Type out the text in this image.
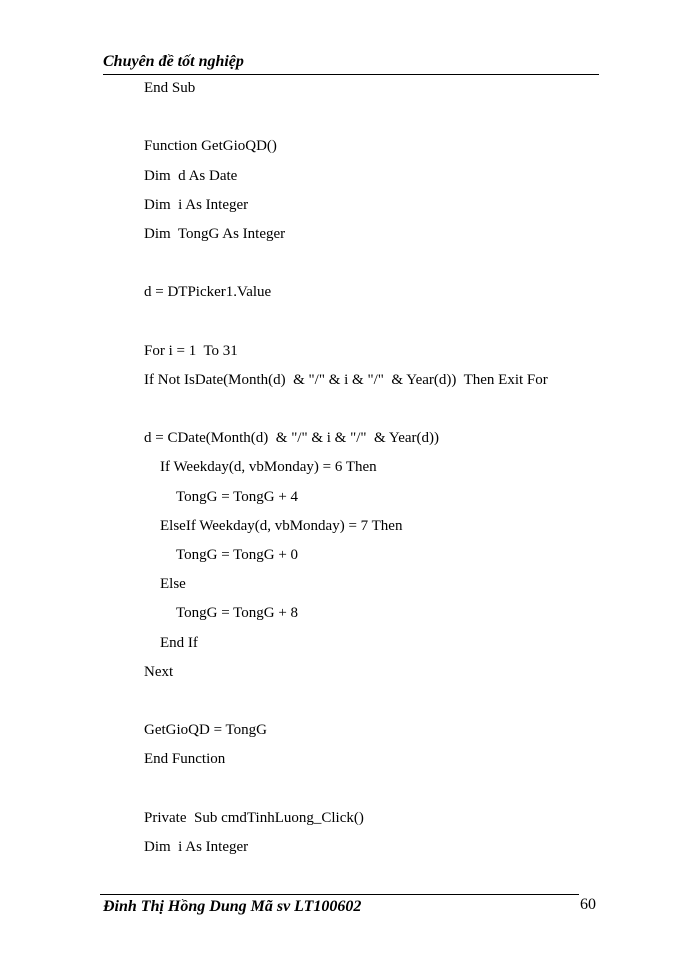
Chuyên đề tốt nghiệp
End Sub
Function GetGioQD()
Dim  d As Date
Dim  i As Integer
Dim  TongG As Integer
d = DTPicker1.Value
For i = 1  To 31
If Not IsDate(Month(d)  & "/" & i & "/"  & Year(d))  Then Exit For
d = CDate(Month(d)  & "/" & i & "/"  & Year(d))
If Weekday(d, vbMonday) = 6 Then
TongG = TongG + 4
ElseIf Weekday(d, vbMonday) = 7 Then
TongG = TongG + 0
Else
TongG = TongG + 8
End If
Next
GetGioQD = TongG
End Function
Private  Sub cmdTinhLuong_Click()
Dim  i As Integer
Đinh Thị Hồng Dung Mã sv LT100602	60
